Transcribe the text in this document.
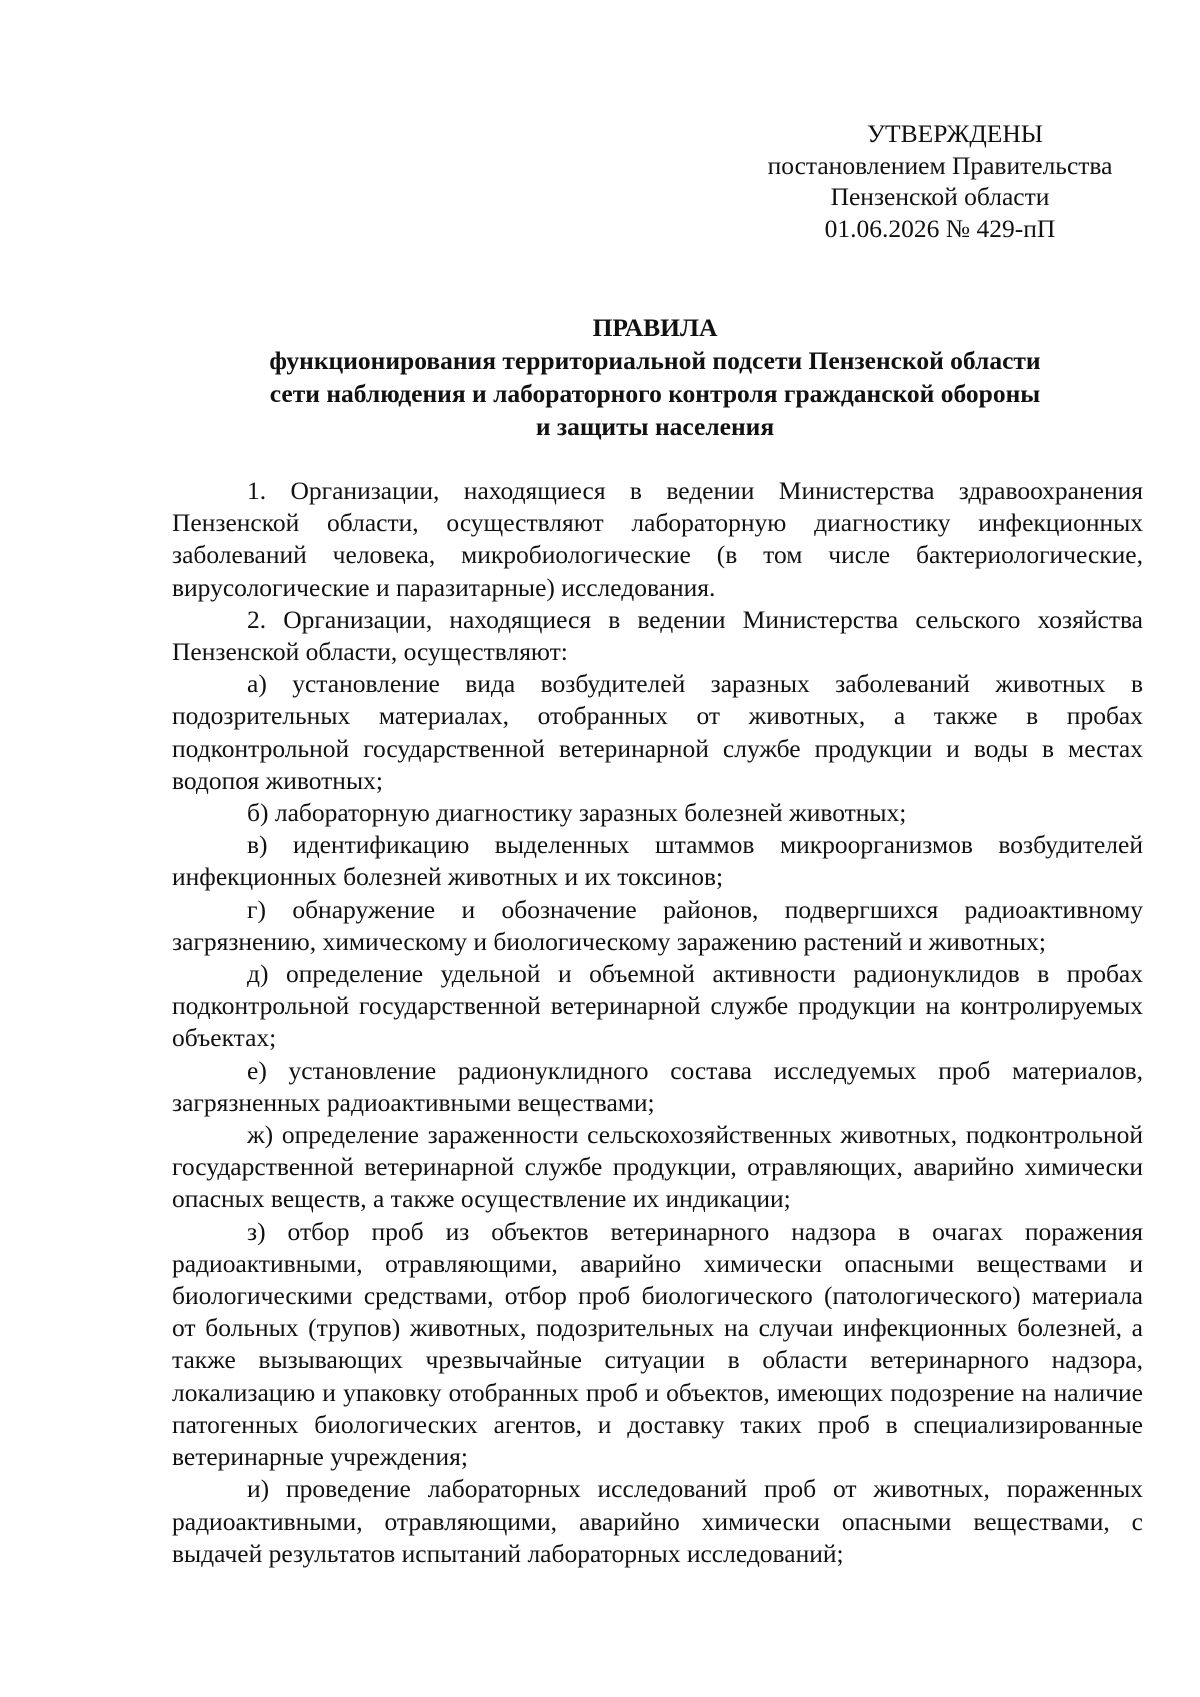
УТВЕРЖДЕНЫ
постановлением Правительства
Пензенской области
01.06.2026 № 429-пП
ПРАВИЛА
функционирования территориальной подсети Пензенской области
сети наблюдения и лабораторного контроля гражданской обороны
и защиты населения

1. Организации, находящиеся в ведении Министерства здравоохранения Пензенской области, осуществляют лабораторную диагностику инфекционных заболеваний человека, микробиологические (в том числе бактериологические, вирусологические и паразитарные) исследования.

2. Организации, находящиеся в ведении Министерства сельского хозяйства Пензенской области, осуществляют:

а) установление вида возбудителей заразных заболеваний животных в подозрительных материалах, отобранных от животных, а также в пробах подконтрольной государственной ветеринарной службе продукции и воды в местах водопоя животных;

б) лабораторную диагностику заразных болезней животных;

в) идентификацию выделенных штаммов микроорганизмов возбудителей инфекционных болезней животных и их токсинов;

г) обнаружение и обозначение районов, подвергшихся радиоактивному загрязнению, химическому и биологическому заражению растений и животных;

д) определение удельной и объемной активности радионуклидов в пробах подконтрольной государственной ветеринарной службе продукции на контролируемых объектах;

е) установление радионуклидного состава исследуемых проб материалов, загрязненных радиоактивными веществами;

ж) определение зараженности сельскохозяйственных животных, подконтрольной государственной ветеринарной службе продукции, отравляющих, аварийно химически опасных веществ, а также осуществление их индикации;

з) отбор проб из объектов ветеринарного надзора в очагах поражения радиоактивными, отравляющими, аварийно химически опасными веществами и биологическими средствами, отбор проб биологического (патологического) материала от больных (трупов) животных, подозрительных на случаи инфекционных болезней, а также вызывающих чрезвычайные ситуации в области ветеринарного надзора, локализацию и упаковку отобранных проб и объектов, имеющих подозрение на наличие патогенных биологических агентов, и доставку таких проб в специализированные ветеринарные учреждения;

и) проведение лабораторных исследований проб от животных, пораженных радиоактивными, отравляющими, аварийно химически опасными веществами, с выдачей результатов испытаний лабораторных исследований;
